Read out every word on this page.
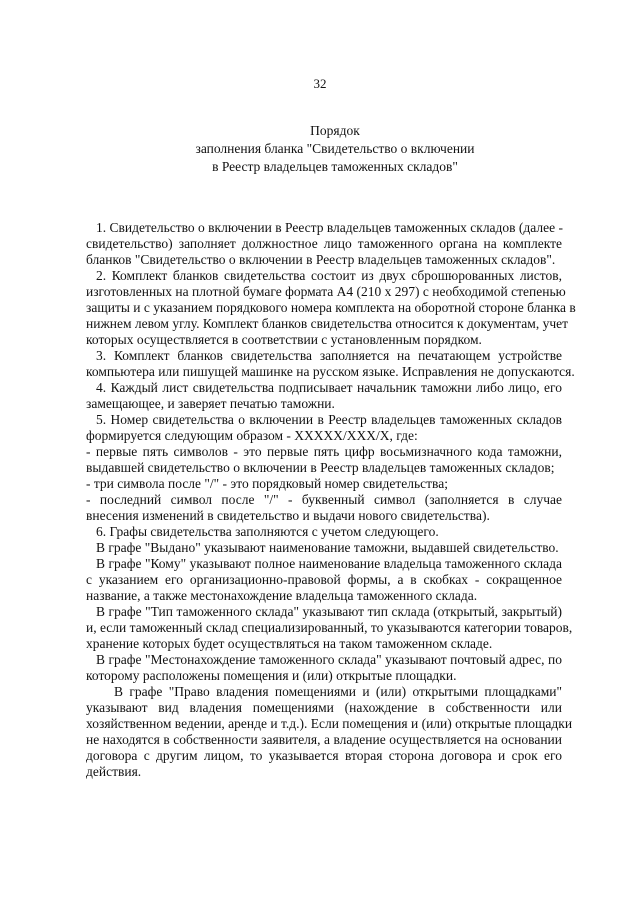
32
Порядок
заполнения бланка "Свидетельство о включении
в Реестр владельцев таможенных складов"
1. Свидетельство о включении в Реестр владельцев таможенных складов (далее -
свидетельство) заполняет должностное лицо таможенного органа на комплекте
бланков "Свидетельство о включении в Реестр владельцев таможенных складов".
2. Комплект бланков свидетельства состоит из двух сброшюрованных листов,
изготовленных на плотной бумаге формата А4 (210 х 297) с необходимой степенью
защиты и с указанием порядкового номера комплекта на оборотной стороне бланка в
нижнем левом углу. Комплект бланков свидетельства относится к документам, учет
которых осуществляется в соответствии с установленным порядком.
3. Комплект бланков свидетельства заполняется на печатающем устройстве
компьютера или пишущей машинке на русском языке. Исправления не допускаются.
4. Каждый лист свидетельства подписывает начальник таможни либо лицо, его
замещающее, и заверяет печатью таможни.
5. Номер свидетельства о включении в Реестр владельцев таможенных складов
формируется следующим образом - ХХХХХ/ХХХ/Х, где:
- первые пять символов - это первые пять цифр восьмизначного кода таможни,
выдавшей свидетельство о включении в Реестр владельцев таможенных складов;
- три символа после "/" - это порядковый номер свидетельства;
- последний символ после "/" - буквенный символ (заполняется в случае
внесения изменений в свидетельство и выдачи нового свидетельства).
6. Графы свидетельства заполняются с учетом следующего.
В графе "Выдано" указывают наименование таможни, выдавшей свидетельство.
В графе "Кому" указывают полное наименование владельца таможенного склада
с указанием его организационно-правовой формы, а в скобках - сокращенное
название, а также местонахождение владельца таможенного склада.
В графе "Тип таможенного склада" указывают тип склада (открытый, закрытый)
и, если таможенный склад специализированный, то указываются категории товаров,
хранение которых будет осуществляться на таком таможенном складе.
В графе "Местонахождение таможенного склада" указывают почтовый адрес, по
которому расположены помещения и (или) открытые площадки.
В графе "Право владения помещениями и (или) открытыми площадками"
указывают вид владения помещениями (нахождение в собственности или
хозяйственном ведении, аренде и т.д.). Если помещения и (или) открытые площадки
не находятся в собственности заявителя, а владение осуществляется на основании
договора с другим лицом, то указывается вторая сторона договора и срок его
действия.
